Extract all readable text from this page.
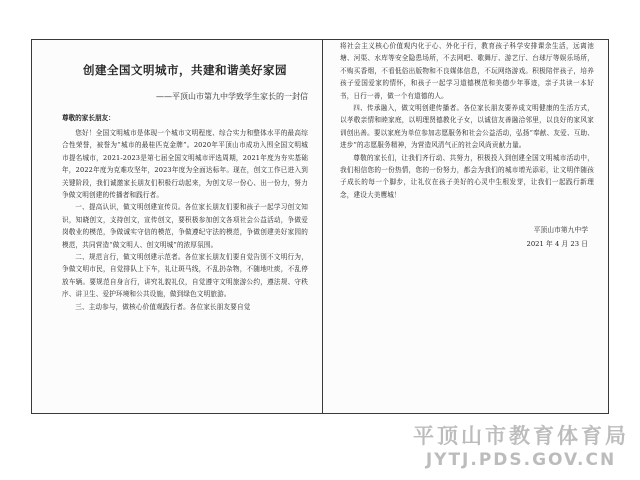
创建全国文明城市，共建和谐美好家园
——平顶山市第九中学致学生家长的一封信
尊敬的家长朋友：

您好！全国文明城市是体现一个城市文明程度、综合实力和整体水平的最高综合性荣誉，被誉为“城市的最桂匹克金牌”。2020年平顶山市成功入围全国文明城市提名城市，2021-2023是第七届全国文明城市评选周期，2021年度为夯实基础年，2022年度为克难攻坚年，2023年度为全面达标年。现在，创文工作已进入到关键阶段，我们诚邀家长朋友们积极行动起来，为创文尽一份心、出一份力，努力争做文明创建的传播者和践行者。

一、提高认识，做文明创建宣传员。各位家长朋友们要和孩子一起学习创文知识，知晓创文，支持创文，宣传创文，要积极参加创文各项社会公益活动，争做爱岗敬业的模范，争做诚实守信的模范，争做遵纪守法的模范，争做创建美好家园的模范，共同营造“做文明人、创文明城”的浓厚氛围。

二、规范言行，做文明创建示范者。各位家长朋友们要自觉告别不文明行为，争做文明市民，自觉排队上下车，礼让斑马线，不乱扔杂物，不随地吐痰，不乱停放车辆。要规范自身言行，讲究礼貌礼仪，自觉遵守文明旅游公约，遵法规、守秩序、讲卫生、爱护环境和公共设施，做到绿色文明旅游。

三、主动参与，做核心价值观践行者。各位家长朋友要自觉

将社会主义核心价值观内化于心、外化于行，教育孩子科学安排课余生活，远离池塘、河渠、水库等安全隐患场所，不去网吧、歌舞厅、游艺厅、台球厅等娱乐场所，不购买香烟，不看低俗出版物和不良媒体信息，不玩网络游戏。积极陪伴孩子，培养孩子爱国爱家的情怀，和孩子一起学习道德模范和美德少年事迹，亲子共读一本好书，日行一善，做一个有道德的人。

四、传承融入，做文明创建传播者。各位家长朋友要养成文明健康的生活方式，以孝敬亲情和睦家庭，以明理贤德教化子女，以诚信友善融洽邻里，以良好的家风家训创出善。要以家庭为单位参加志愿服务和社会公益活动，弘扬“奉献、友爱、互助、进步”的志愿服务精神，为营造风清气正的社会风尚贡献力量。

尊敬的家长们，让我们齐行动、共努力，积极投入到创建全国文明城市活动中，我们相信您的一份热情，您的一份努力，都会为我们的城市增光添彩，让文明伴随孩子成长的每一个脚步，让礼仪在孩子美好的心灵中生根发芽，让我们一起践行新理念，建设大美鹰城！

平顶山市第九中学
2021 年 4 月 23 日
平顶山市教育体育局
JYTJ.PDS.GOV.CN
